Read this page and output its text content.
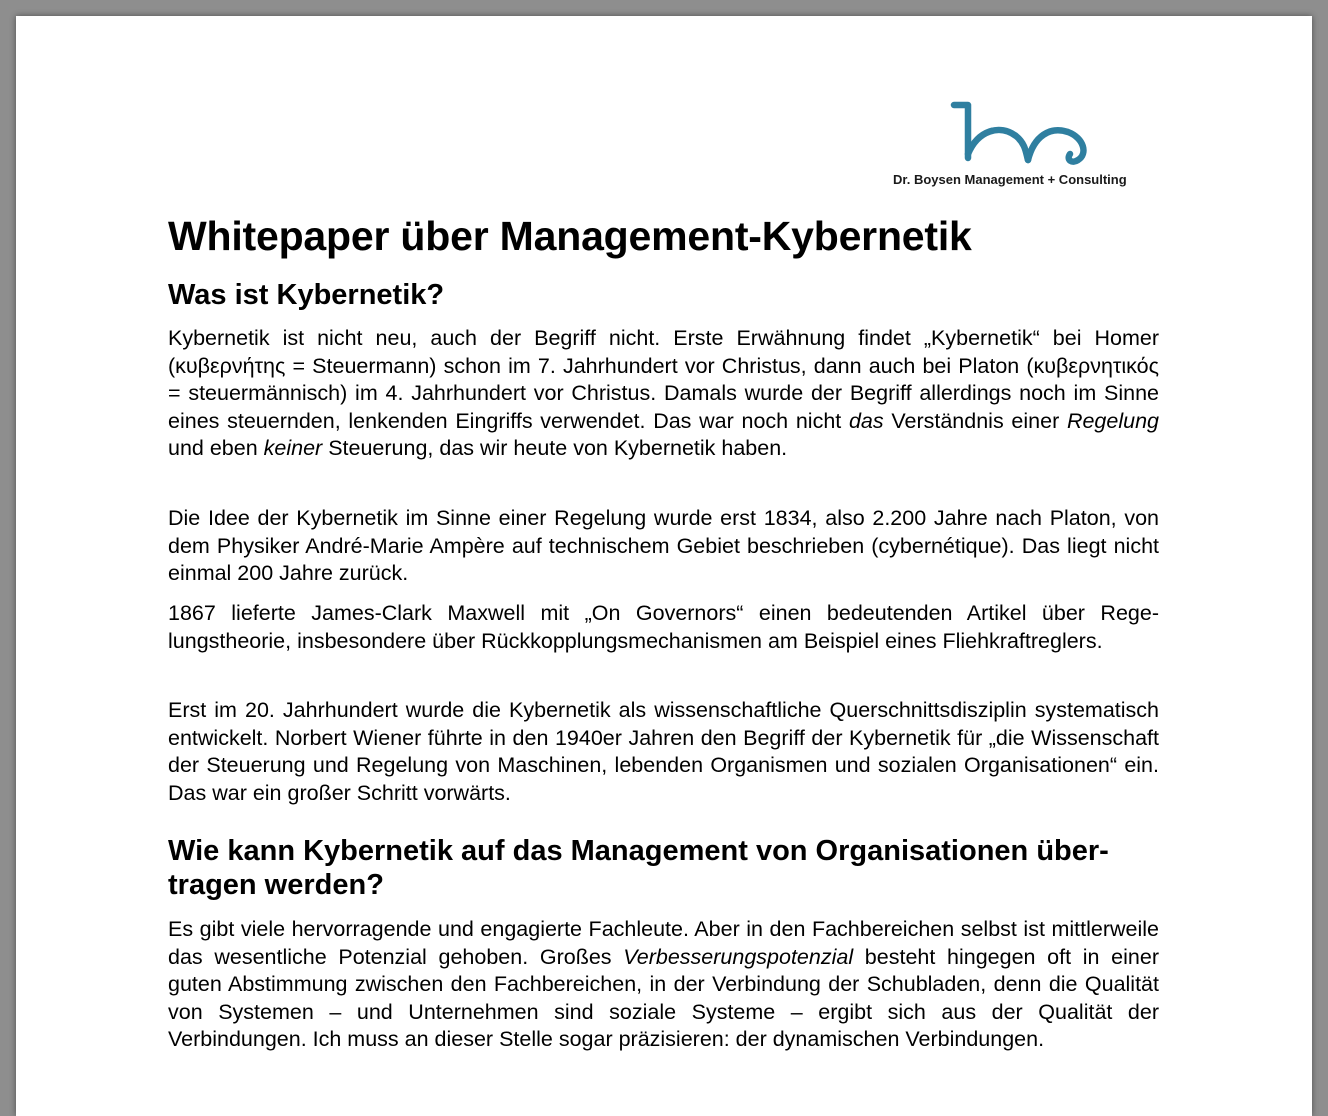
Dr. Boysen Management + Consulting
Whitepaper über Management-Kybernetik
Was ist Kybernetik?

Kybernetik ist nicht neu, auch der Begriff nicht. Erste Erwähnung findet „Kybernetik“ bei Homer (κυβερνήτης = Steuermann) schon im 7. Jahrhundert vor Christus, dann auch bei Platon (κυβερνητικός = steuermännisch) im 4. Jahrhundert vor Christus. Damals wurde der Begriff allerdings noch im Sinne eines steuernden, lenkenden Eingriffs verwendet. Das war noch nicht das Verständnis einer Regelung und eben keiner Steuerung, das wir heute von Kybernetik haben.

Die Idee der Kybernetik im Sinne einer Regelung wurde erst 1834, also 2.200 Jahre nach Platon, von dem Physiker André-Marie Ampère auf technischem Gebiet beschrieben (cybernétique). Das liegt nicht einmal 200 Jahre zurück.

1867 lieferte James-Clark Maxwell mit „On Governors“ einen bedeutenden Artikel über Regelungstheorie, insbesondere über Rückkopplungsmechanismen am Beispiel eines Fliehkraftreglers.

Erst im 20. Jahrhundert wurde die Kybernetik als wissenschaftliche Querschnittsdisziplin systematisch entwickelt. Norbert Wiener führte in den 1940er Jahren den Begriff der Kybernetik für „die Wissenschaft der Steuerung und Regelung von Maschinen, lebenden Organismen und sozialen Organisationen“ ein. Das war ein großer Schritt vorwärts.

Wie kann Kybernetik auf das Management von Organisationen übertragen werden?

Es gibt viele hervorragende und engagierte Fachleute. Aber in den Fachbereichen selbst ist mittlerweile das wesentliche Potenzial gehoben. Großes Verbesserungspotenzial besteht hingegen oft in einer guten Abstimmung zwischen den Fachbereichen, in der Verbindung der Schubladen, denn die Qualität von Systemen – und Unternehmen sind soziale Systeme – ergibt sich aus der Qualität der Verbindungen. Ich muss an dieser Stelle sogar präzisieren: der dynamischen Verbindungen.
